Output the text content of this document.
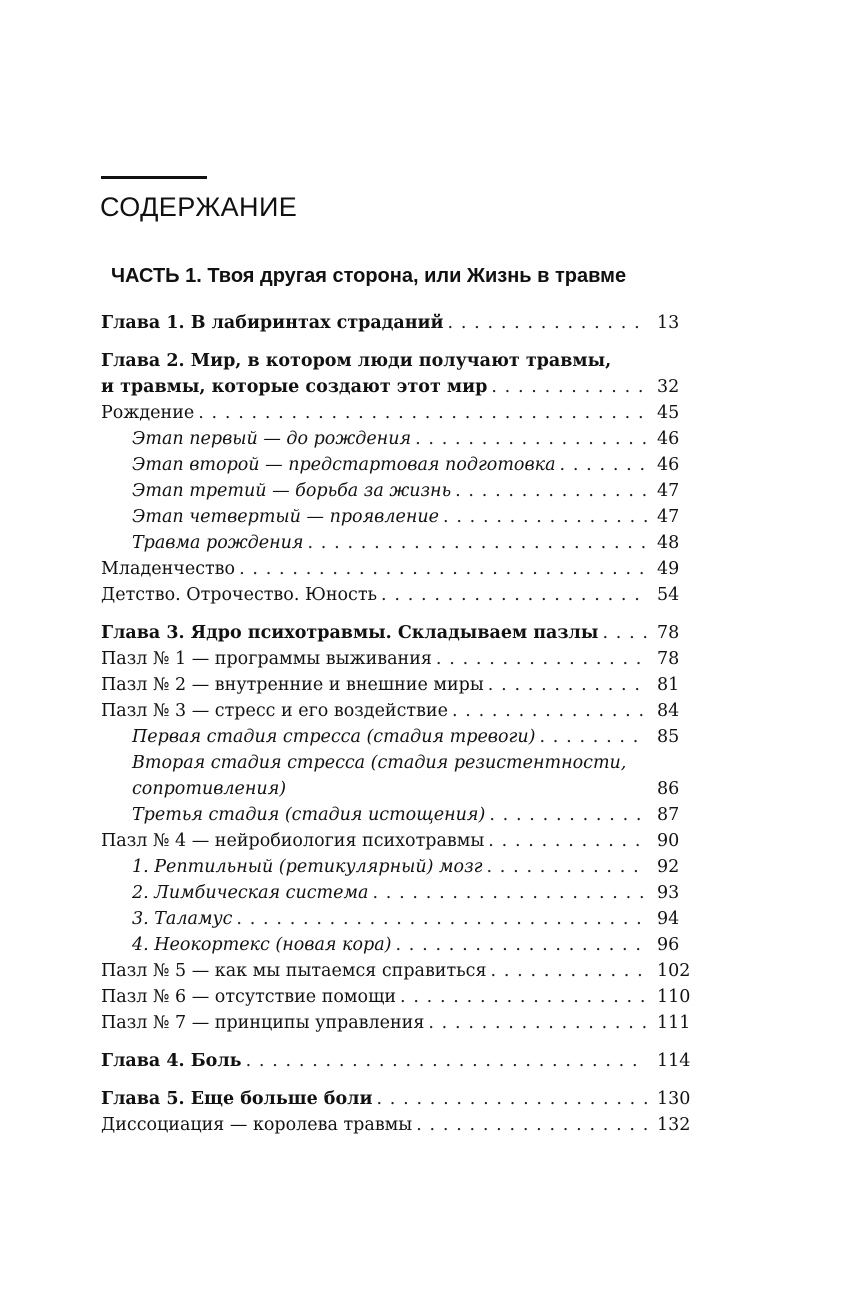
СОДЕРЖАНИЕ
ЧАСТЬ 1. Твоя другая сторона, или Жизнь в травме
Глава 1. В лабиринтах страданий . . .	13
Глава 2. Мир, в котором люди получают травмы,
и травмы, которые создают этот мир . . .	32
Рождение . . .	45
Этап первый — до рождения . . .	46
Этап второй — предстартовая подготовка . . .	46
Этап третий — борьба за жизнь . . .	47
Этап четвертый — проявление . . .	47
Травма рождения . . .	48
Младенчество . . .	49
Детство. Отрочество. Юность . . .	54
Глава 3. Ядро психотравмы. Складываем пазлы . . .	78
Пазл № 1 — программы выживания . . .	78
Пазл № 2 — внутренние и внешние миры . . .	81
Пазл № 3 — стресс и его воздействие . . .	84
Первая стадия стресса (стадия тревоги) . . .	85
Вторая стадия стресса (стадия резистентности,
сопротивления)	86
Третья стадия (стадия истощения) . . .	87
Пазл № 4 — нейробиология психотравмы . . .	90
1. Рептильный (ретикулярный) мозг . . .	92
2. Лимбическая система . . .	93
3. Таламус . . .	94
4. Неокортекс (новая кора) . . .	96
Пазл № 5 — как мы пытаемся справиться . . .	102
Пазл № 6 — отсутствие помощи . . .	110
Пазл № 7 — принципы управления . . .	111
Глава 4. Боль . . .	114
Глава 5. Еще больше боли . . .	130
Диссоциация — королева травмы . . .	132
